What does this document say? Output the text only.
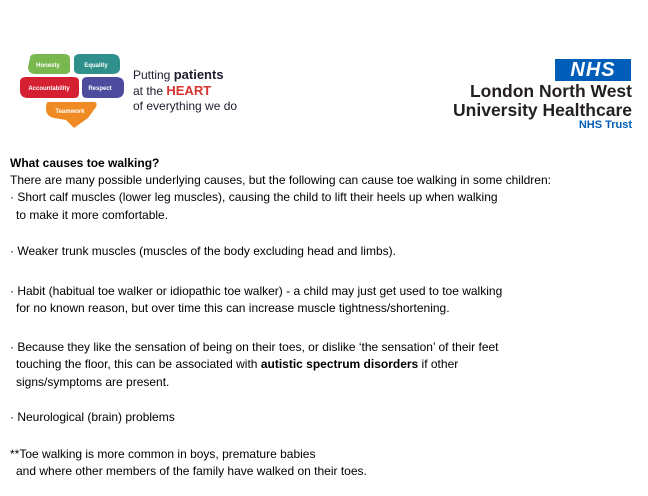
Honesty	Equality
Accountability	Respect
Teamwork
Putting patients
at the HEART
of everything we do
NHS
London North West
University Healthcare
NHS Trust
What causes toe walking?
There are many possible underlying causes, but the following can cause toe walking in some children:
· Short calf muscles (lower leg muscles), causing the child to lift their heels up when walking
to make it more comfortable.
· Weaker trunk muscles (muscles of the body excluding head and limbs).
· Habit (habitual toe walker or idiopathic toe walker) - a child may just get used to toe walking
for no known reason, but over time this can increase muscle tightness/shortening.
· Because they like the sensation of being on their toes, or dislike ‘the sensation’ of their feet
touching the floor, this can be associated with autistic spectrum disorders if other
signs/symptoms are present.
· Neurological (brain) problems
**Toe walking is more common in boys, premature babies
and where other members of the family have walked on their toes.
